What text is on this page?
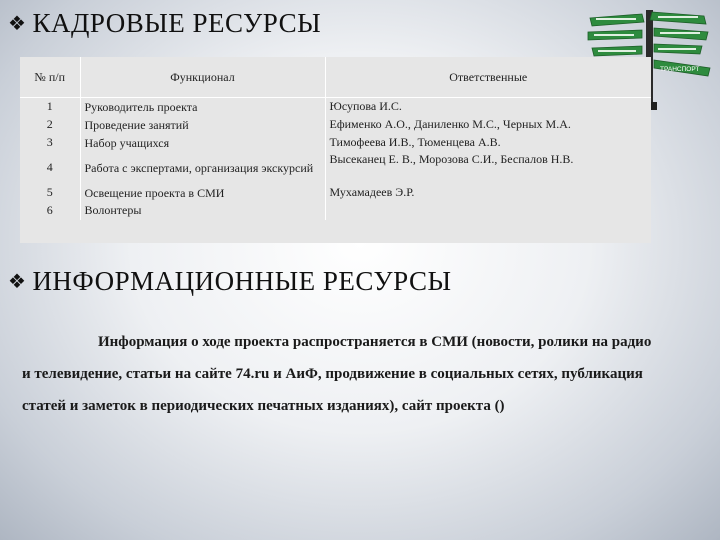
❖ КАДРОВЫЕ РЕСУРСЫ
ТРАНСПОРТ
№ п/п	Функционал	Ответственные
1	Руководитель проекта	Юсупова И.С.
2	Проведение занятий	Ефименко А.О., Даниленко М.С., Черных М.А.
3	Набор учащихся	Тимофеева И.В., Тюменцева А.В.
4	Работа с экспертами, организация экскурсий	Высеканец Е. В., Морозова С.И., Беспалов Н.В.
5	Освещение проекта в СМИ	Мухамадеев Э.Р.
6	Волонтеры	
❖ ИНФОРМАЦИОННЫЕ РЕСУРСЫ
Информация о ходе проекта распространяется в СМИ (новости, ролики на радио и телевидение, статьи на сайте 74.ru и АиФ, продвижение в социальных сетях, публикация статей и заметок в периодических печатных изданиях), сайт проекта ()
